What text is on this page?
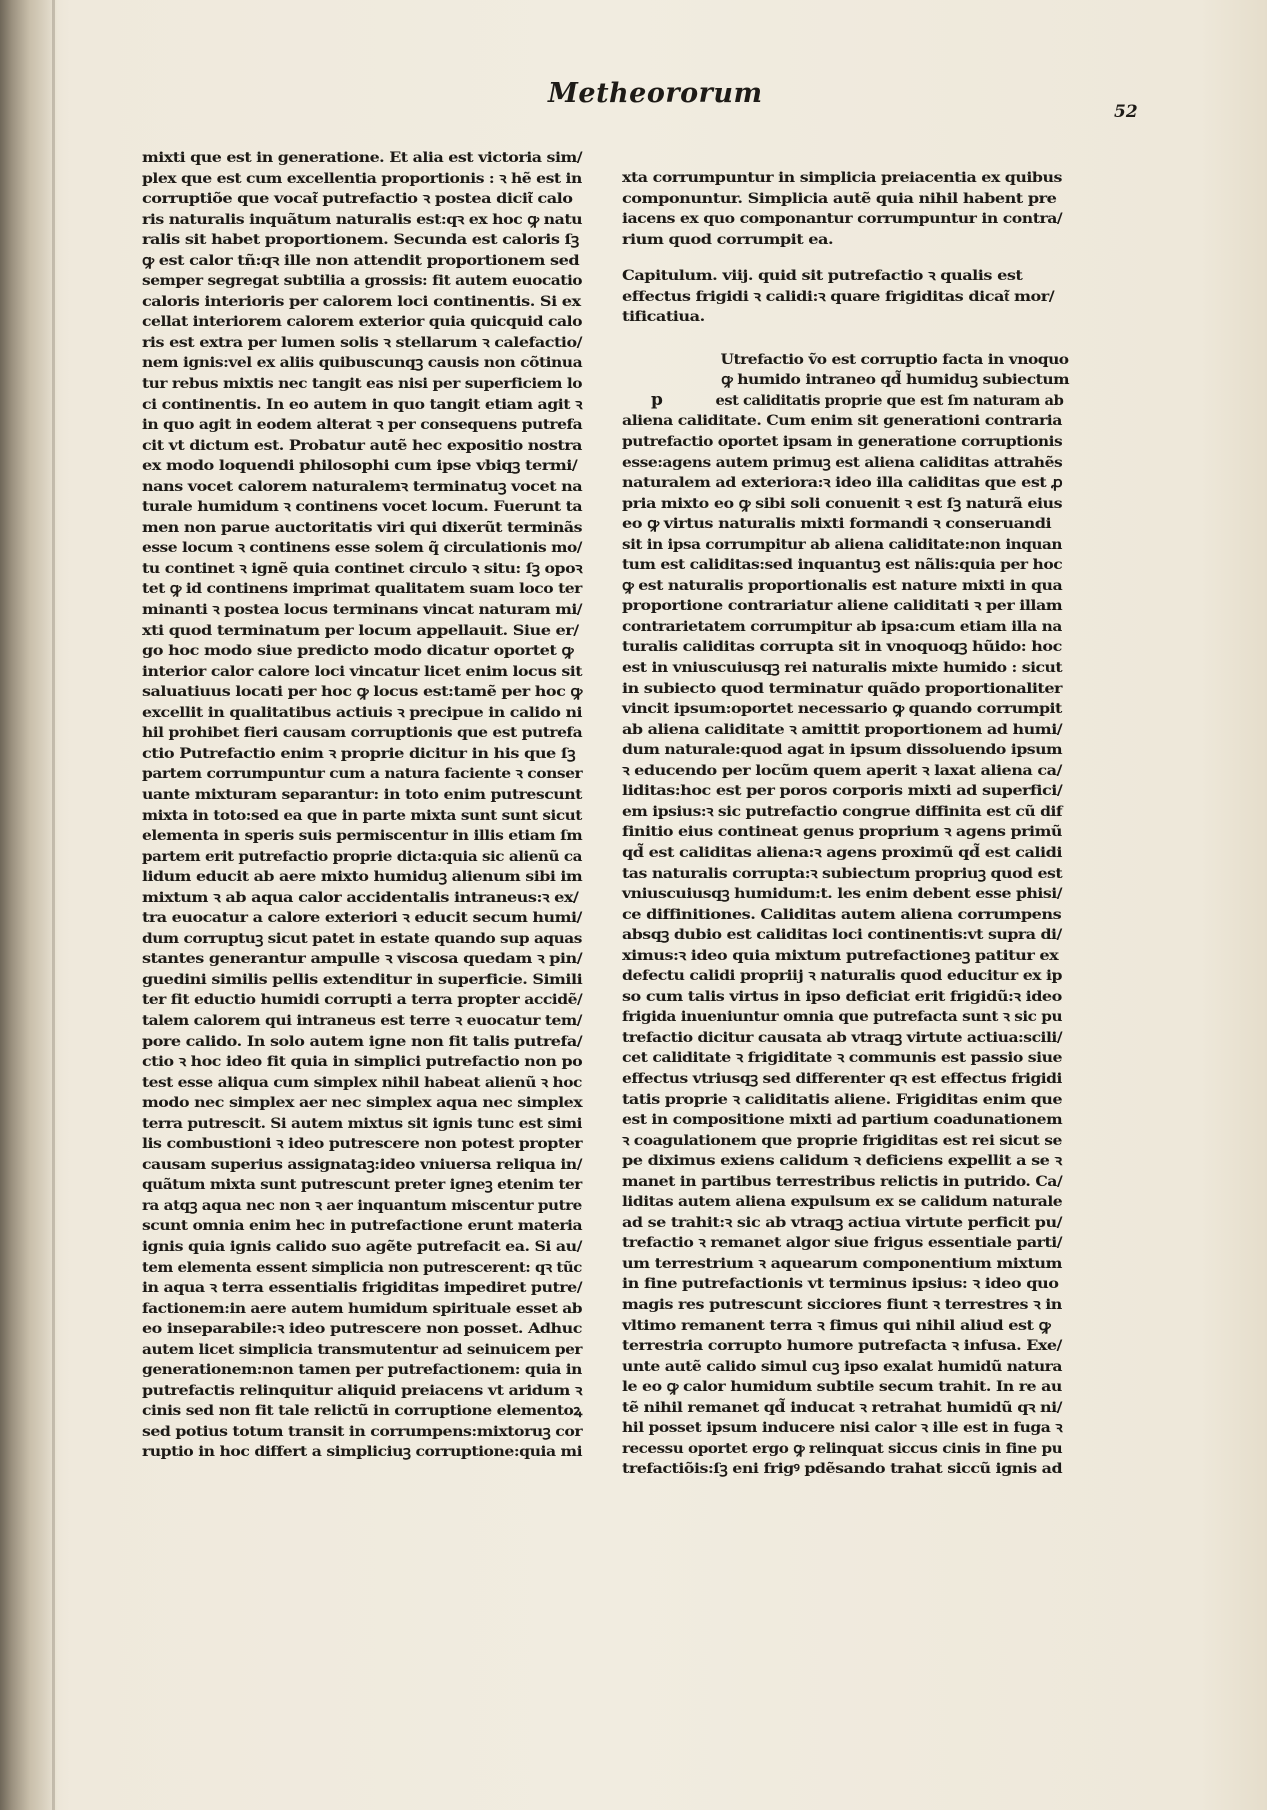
Metheororum
52
mixti que est in generatione. Et alia est victoria sim/
plex que est cum excellentia proportionis : ꝛ hẽ est in
corruptiõe que vocat͂ putrefactio ꝛ postea dicit͂ calo
ris naturalis inquãtum naturalis est:qꝛ ex hoc ꝙ natu
ralis sit habet proportionem. Secunda est caloris ſꝫ
ꝙ est calor tñ:qꝛ ille non attendit proportionem sed
semper segregat subtilia a grossis: fit autem euocatio
caloris interioris per calorem loci continentis. Si ex
cellat interiorem calorem exterior quia quicquid calo
ris est extra per lumen solis ꝛ stellarum ꝛ calefactio/
nem ignis:vel ex aliis quibuscunqꝫ causis non cõtinua
tur rebus mixtis nec tangit eas nisi per superficiem lo
ci continentis. In eo autem in quo tangit etiam agit ꝛ
in quo agit in eodem alterat ꝛ per consequens putrefa
cit vt dictum est. Probatur autẽ hec expositio nostra
ex modo loquendi philosophi cum ipse vbiqꝫ termi/
nans vocet calorem naturalemꝛ terminatuꝫ vocet na
turale humidum ꝛ continens vocet locum. Fuerunt ta
men non parue auctoritatis viri qui dixerũt terminãs
esse locum ꝛ continens esse solem q̃ circulationis mo/
tu continet ꝛ ignẽ quia continet circulo ꝛ situ: ſꝫ opoꝛ
tet ꝙ id continens imprimat qualitatem suam loco ter
minanti ꝛ postea locus terminans vincat naturam mi/
xti quod terminatum per locum appellauit. Siue er/
go hoc modo siue predicto modo dicatur oportet ꝙ
interior calor calore loci vincatur licet enim locus sit
saluatiuus locati per hoc ꝙ locus est:tamẽ per hoc ꝙ
excellit in qualitatibus actiuis ꝛ precipue in calido ni
hil prohibet fieri causam corruptionis que est putrefa
ctio Putrefactio enim ꝛ proprie dicitur in his que ſꝫ
partem corrumpuntur cum a natura faciente ꝛ conser
uante mixturam separantur: in toto enim putrescunt
mixta in toto:sed ea que in parte mixta sunt sunt sicut
elementa in speris suis permiscentur in illis etiam ſm
partem erit putrefactio proprie dicta:quia sic alienũ ca
lidum educit ab aere mixto humiduꝫ alienum sibi im
mixtum ꝛ ab aqua calor accidentalis intraneus:ꝛ ex/
tra euocatur a calore exteriori ꝛ educit secum humi/
dum corruptuꝫ sicut patet in estate quando sup aquas
stantes generantur ampulle ꝛ viscosa quedam ꝛ pin/
guedini similis pellis extenditur in superficie. Simili
ter fit eductio humidi corrupti a terra propter accidẽ/
talem calorem qui intraneus est terre ꝛ euocatur tem/
pore calido. In solo autem igne non fit talis putrefa/
ctio ꝛ hoc ideo fit quia in simplici putrefactio non po
test esse aliqua cum simplex nihil habeat alienũ ꝛ hoc
modo nec simplex aer nec simplex aqua nec simplex
terra putrescit. Si autem mixtus sit ignis tunc est simi
lis combustioni ꝛ ideo putrescere non potest propter
causam superius assignataꝫ:ideo vniuersa reliqua in/
quãtum mixta sunt putrescunt preter igneꝫ etenim ter
ra atqꝫ aqua nec non ꝛ aer inquantum miscentur putre
scunt omnia enim hec in putrefactione erunt materia
ignis quia ignis calido suo agẽte putrefacit ea. Si au/
tem elementa essent simplicia non putrescerent: qꝛ tũc
in aqua ꝛ terra essentialis frigiditas impediret putre/
factionem:in aere autem humidum spirituale esset ab
eo inseparabile:ꝛ ideo putrescere non posset. Adhuc
autem licet simplicia transmutentur ad seinuicem per
generationem:non tamen per putrefactionem: quia in
putrefactis relinquitur aliquid preiacens vt aridum ꝛ
cinis sed non fit tale relictũ in corruptione elementoꝝ
sed potius totum transit in corrumpens:mixtoruꝫ cor
ruptio in hoc differt a simpliciuꝫ corruptione:quia mi
xta corrumpuntur in simplicia preiacentia ex quibus
componuntur. Simplicia autẽ quia nihil habent pre
iacens ex quo componantur corrumpuntur in contra/
rium quod corrumpit ea.
Capitulum. viij. quid sit putrefactio ꝛ qualis est
effectus frigidi ꝛ calidi:ꝛ quare frigiditas dicat͂ mor/
tificatiua.
Utrefactio ṽo est corruptio facta in vnoquo
ꝙ humido intraneo qd̃ humiduꝫ subiectum
est caliditatis proprie que est ſm naturam ab
aliena caliditate. Cum enim sit generationi contraria
putrefactio oportet ipsam in generatione corruptionis
esse:agens autem primuꝫ est aliena caliditas attrahẽs
naturalem ad exteriora:ꝛ ideo illa caliditas que est ꝓ
pria mixto eo ꝙ sibi soli conuenit ꝛ est ſꝫ naturã eius
eo ꝙ virtus naturalis mixti formandi ꝛ conseruandi
sit in ipsa corrumpitur ab aliena caliditate:non inquan
tum est caliditas:sed inquantuꝫ est nãlis:quia per hoc
ꝙ est naturalis proportionalis est nature mixti in qua
proportione contrariatur aliene caliditati ꝛ per illam
contrarietatem corrumpitur ab ipsa:cum etiam illa na
turalis caliditas corrupta sit in vnoquoqꝫ hũido: hoc
est in vniuscuiusqꝫ rei naturalis mixte humido : sicut
in subiecto quod terminatur quãdo proportionaliter
vincit ipsum:oportet necessario ꝙ quando corrumpit
ab aliena caliditate ꝛ amittit proportionem ad humi/
dum naturale:quod agat in ipsum dissoluendo ipsum
ꝛ educendo per locũm quem aperit ꝛ laxat aliena ca/
liditas:hoc est per poros corporis mixti ad superfici/
em ipsius:ꝛ sic putrefactio congrue diffinita est cũ dif
finitio eius contineat genus proprium ꝛ agens primũ
qd̃ est caliditas aliena:ꝛ agens proximũ qd̃ est calidi
tas naturalis corrupta:ꝛ subiectum propriuꝫ quod est
vniuscuiusqꝫ humidum:t. les enim debent esse phisi/
ce diffinitiones. Caliditas autem aliena corrumpens
absqꝫ dubio est caliditas loci continentis:vt supra di/
ximus:ꝛ ideo quia mixtum putrefactioneꝫ patitur ex
defectu calidi propriĳ ꝛ naturalis quod educitur ex ip
so cum talis virtus in ipso deficiat erit frigidũ:ꝛ ideo
frigida inueniuntur omnia que putrefacta sunt ꝛ sic pu
trefactio dicitur causata ab vtraqꝫ virtute actiua:scili/
cet caliditate ꝛ frigiditate ꝛ communis est passio siue
effectus vtriusqꝫ sed differenter qꝛ est effectus frigidi
tatis proprie ꝛ caliditatis aliene. Frigiditas enim que
est in compositione mixti ad partium coadunationem
ꝛ coagulationem que proprie frigiditas est rei sicut se
pe diximus exiens calidum ꝛ deficiens expellit a se ꝛ
manet in partibus terrestribus relictis in putrido. Ca/
liditas autem aliena expulsum ex se calidum naturale
ad se trahit:ꝛ sic ab vtraqꝫ actiua virtute perficit pu/
trefactio ꝛ remanet algor siue frigus essentiale parti/
um terrestrium ꝛ aquearum componentium mixtum
in fine putrefactionis vt terminus ipsius: ꝛ ideo quo
magis res putrescunt sicciores fiunt ꝛ terrestres ꝛ in
vltimo remanent terra ꝛ fimus qui nihil aliud est ꝙ
terrestria corrupto humore putrefacta ꝛ infusa. Exe/
unte autẽ calido simul cuꝫ ipso exalat humidũ natura
le eo ꝙ calor humidum subtile secum trahit. In re au
tẽ nihil remanet qd̃ inducat ꝛ retrahat humidũ qꝛ ni/
hil posset ipsum inducere nisi calor ꝛ ille est in fuga ꝛ
recessu oportet ergo ꝙ relinquat siccus cinis in fine pu
trefactiõis:ſꝫ eni frigꝰ pdẽsando trahat siccũ ignis ad
p
